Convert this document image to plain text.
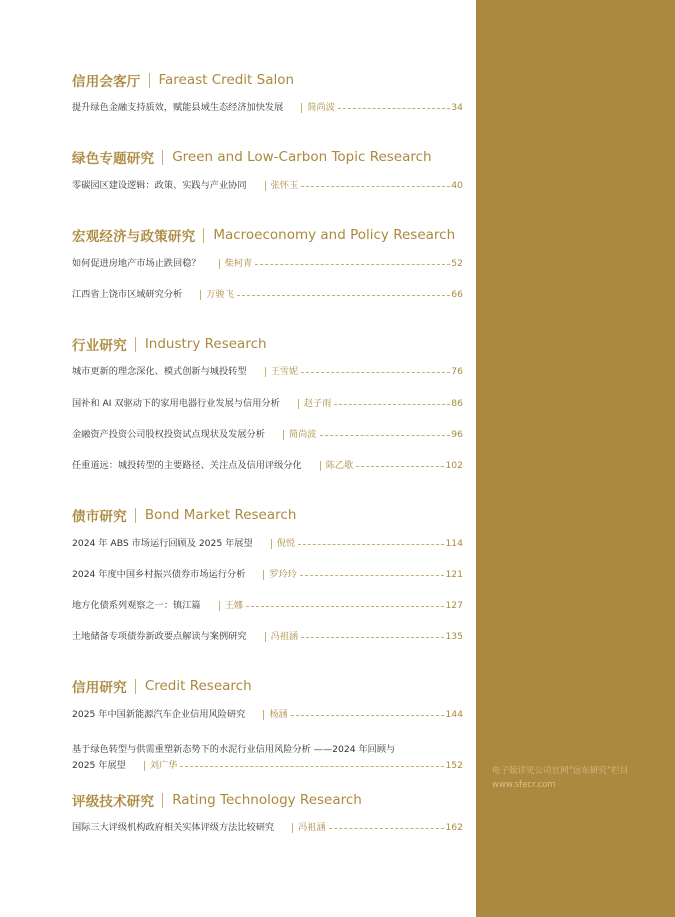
电子版详见公司官网“远东研究”栏目
www.sfecr.com
信用会客厅 Fareast Credit Salon
提升绿色金融支持质效，赋能县域生态经济加快发展	简尚波	34
绿色专题研究 Green and Low-Carbon Topic Research
零碳园区建设逻辑：政策、实践与产业协同	张怀玉	40
宏观经济与政策研究 Macroeconomy and Policy Research
如何促进房地产市场止跌回稳？	柴柯青	52
江西省上饶市区域研究分析	万骏飞	66
行业研究 Industry Research
城市更新的理念深化、模式创新与城投转型	王雪妮	76
国补和 AI 双驱动下的家用电器行业发展与信用分析	赵子雨	86
金融资产投资公司股权投资试点现状及发展分析	简尚波	96
任重道远：城投转型的主要路径、关注点及信用评级分化	陈乙歌	102
债市研究 Bond Market Research
2024 年 ABS 市场运行回顾及 2025 年展望	倪悦	114
2024 年度中国乡村振兴债券市场运行分析	罗玲玲	121
地方化债系列观察之一：镇江篇	王娜	127
土地储备专项债券新政要点解读与案例研究	冯祖涵	135
信用研究 Credit Research
2025 年中国新能源汽车企业信用风险研究	杨涵	144
基于绿色转型与供需重塑新态势下的水泥行业信用风险分析 ——2024 年回顾与
2025 年展望	刘广华	152
评级技术研究 Rating Technology Research
国际三大评级机构政府相关实体评级方法比较研究	冯祖涵	162
